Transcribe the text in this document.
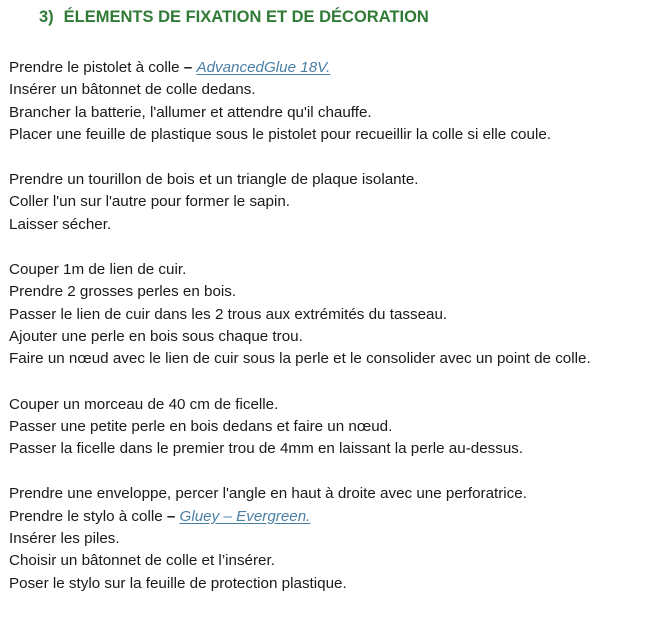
3) ÉLEMENTS DE FIXATION ET DE DÉCORATION
Prendre le pistolet à colle – AdvancedGlue 18V.
Insérer un bâtonnet de colle dedans.
Brancher la batterie, l'allumer et attendre qu'il chauffe.
Placer une feuille de plastique sous le pistolet pour recueillir la colle si elle coule.
Prendre un tourillon de bois et un triangle de plaque isolante.
Coller l'un sur l'autre pour former le sapin.
Laisser sécher.
Couper 1m de lien de cuir.
Prendre 2 grosses perles en bois.
Passer le lien de cuir dans les 2 trous aux extrémités du tasseau.
Ajouter une perle en bois sous chaque trou.
Faire un nœud avec le lien de cuir sous la perle et le consolider avec un point de colle.
Couper un morceau de 40 cm de ficelle.
Passer une petite perle en bois dedans et faire un nœud.
Passer la ficelle dans le premier trou de 4mm en laissant la perle au-dessus.
Prendre une enveloppe, percer l'angle en haut à droite avec une perforatrice.
Prendre le stylo à colle – Gluey – Evergreen.
Insérer les piles.
Choisir un bâtonnet de colle et l’insérer.
Poser le stylo sur la feuille de protection plastique.
